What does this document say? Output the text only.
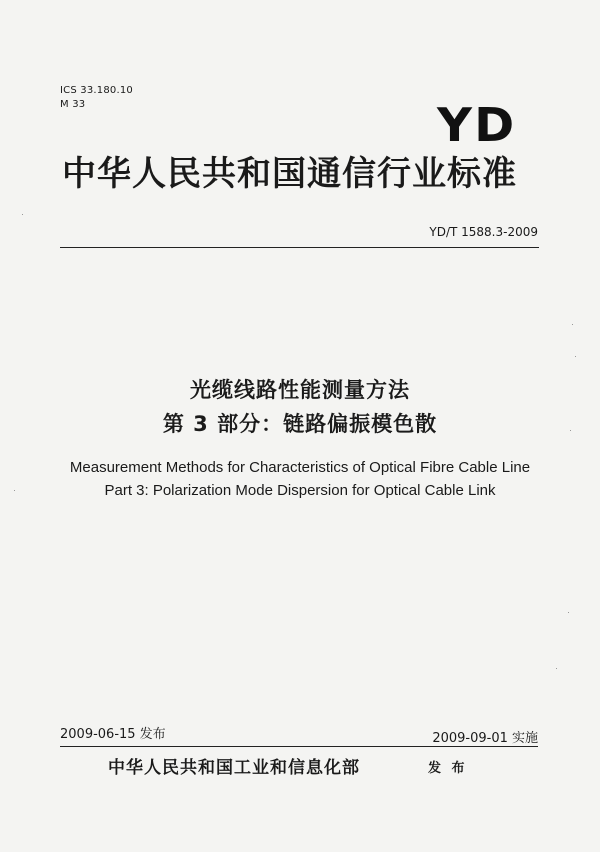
ICS 33.180.10
M 33	YD
中华人民共和国通信行业标准
YD/T 1588.3-2009
光缆线路性能测量方法
第 3 部分：链路偏振模色散
Measurement Methods for Characteristics of Optical Fibre Cable Line
Part 3: Polarization Mode Dispersion for Optical Cable Link
2009-06-15 发布	2009-09-01 实施
中华人民共和国工业和信息化部	发 布
